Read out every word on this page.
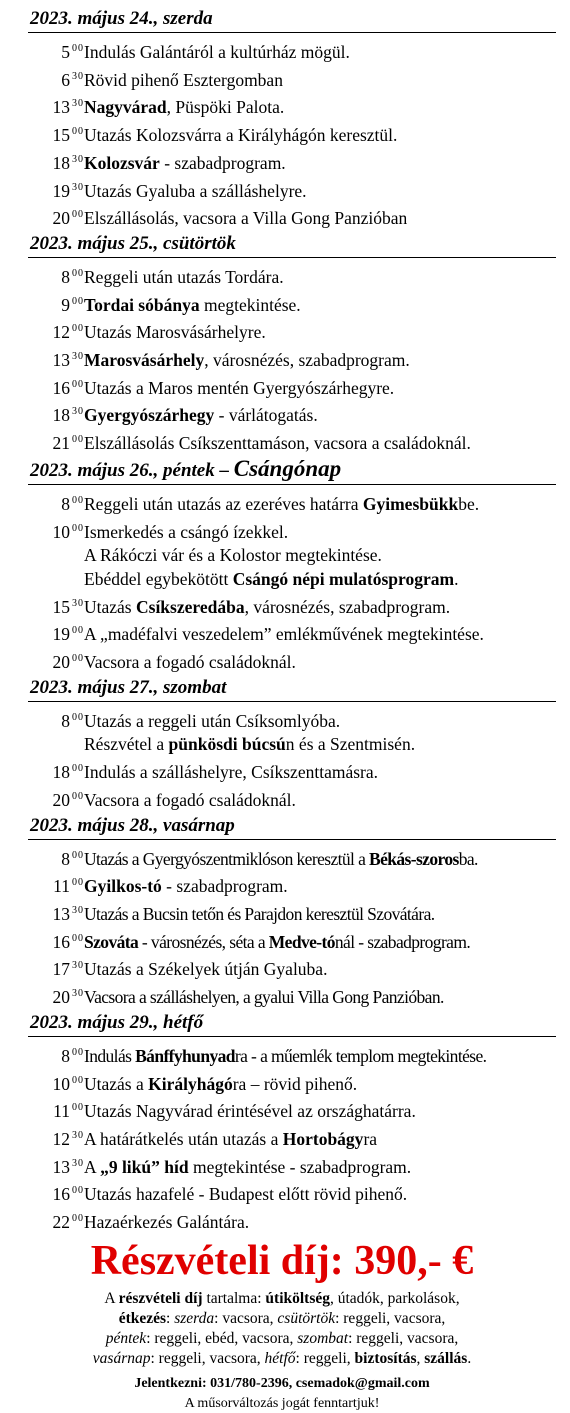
2023. május 24., szerda
5 $^{00}$ Indulás Galántáról a kultúrház mögül.
6 $^{30}$ Rövid pihenő Esztergomban
13 $^{30}$ Nagyvárad, Püspöki Palota.
15 $^{00}$ Utazás Kolozsvárra a Királyhágón keresztül.
18 $^{30}$ Kolozsvár - szabadprogram.
19 $^{30}$ Utazás Gyaluba a szálláshelyre.
20 $^{00}$ Elszállásolás, vacsora a Villa Gong Panzióban
2023. május 25., csütörtök
8 $^{00}$ Reggeli után utazás Tordára.
9 $^{00}$ Tordai sóbánya megtekintése.
12 $^{00}$ Utazás Marosvásárhelyre.
13 $^{30}$ Marosvásárhely, városnézés, szabadprogram.
16 $^{00}$ Utazás a Maros mentén Gyergyószárhegyre.
18 $^{30}$ Gyergyószárhegy - várlátogatás.
21 $^{00}$ Elszállásolás Csíkszenttamáson, vacsora a családoknál.
2023. május 26., péntek – Csángónap
8 $^{00}$ Reggeli után utazás az ezeréves határra Gyimesbükkbe.
10 $^{00}$ Ismerkedés a csángó ízekkel.
A Rákóczi vár és a Kolostor megtekintése.
Ebéddel egybekötött Csángó népi mulatósprogram.
15 $^{30}$ Utazás Csíkszeredába, városnézés, szabadprogram.
19 $^{00}$ A „madéfalvi veszedelem” emlékművének megtekintése.
20 $^{00}$ Vacsora a fogadó családoknál.
2023. május 27., szombat
8 $^{00}$ Utazás a reggeli után Csíksomlyóba.
Részvétel a pünkösdi búcsún és a Szentmisén.
18 $^{00}$ Indulás a szálláshelyre, Csíkszenttamásra.
20 $^{00}$ Vacsora a fogadó családoknál.
2023. május 28., vasárnap
8 $^{00}$ Utazás a Gyergyószentmiklóson keresztül a Békás-szorosba.
11 $^{00}$ Gyilkos-tó - szabadprogram.
13 $^{30}$ Utazás a Bucsin tetőn és Parajdon keresztül Szovátára.
16 $^{00}$ Szováta - városnézés, séta a Medve-tónál - szabadprogram.
17 $^{30}$ Utazás a Székelyek útján Gyaluba.
20 $^{30}$ Vacsora a szálláshelyen, a gyalui Villa Gong Panzióban.
2023. május 29., hétfő
8 $^{00}$ Indulás Bánffyhunyadra - a műemlék templom megtekintése.
10 $^{00}$ Utazás a Királyhágóra – rövid pihenő.
11 $^{00}$ Utazás Nagyvárad érintésével az országhatárra.
12 $^{30}$ A határátkelés után utazás a Hortobágyra
13 $^{30}$ A „9 likú” híd megtekintése - szabadprogram.
16 $^{00}$ Utazás hazafelé - Budapest előtt rövid pihenő.
22 $^{00}$ Hazaérkezés Galántára.
Részvételi díj: 390,- €
A részvételi díj tartalma: útiköltség, útadók, parkolások,
étkezés: szerda: vacsora, csütörtök: reggeli, vacsora,
péntek: reggeli, ebéd, vacsora, szombat: reggeli, vacsora,
vasárnap: reggeli, vacsora, hétfő: reggeli, biztosítás, szállás.
Jelentkezni: 031/780-2396, csemadok@gmail.com
A műsorváltozás jogát fenntartjuk!
